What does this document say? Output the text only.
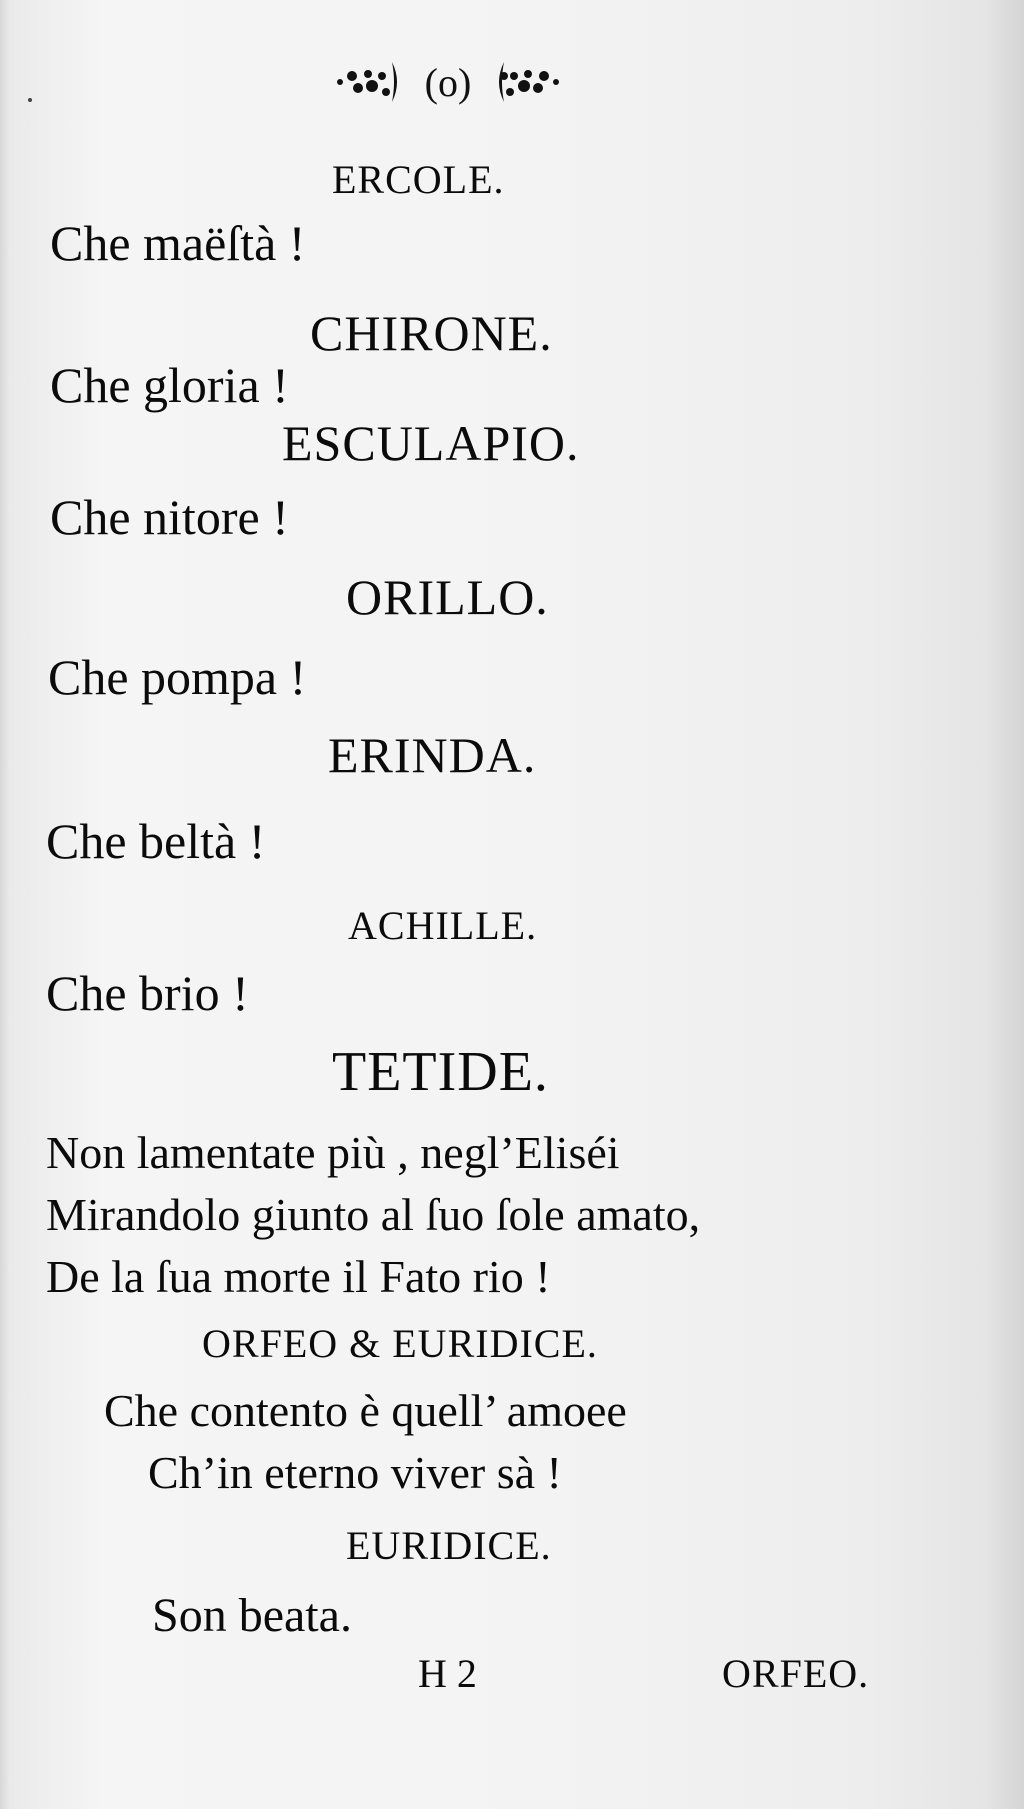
(o)
ERCOLE.
Che maëſtà !
CHIRONE.
Che gloria !
ESCULAPIO.
Che nitore !
ORILLO.
Che pompa !
ERINDA.
Che beltà !
ACHILLE.
Che brio !
TETIDE.
Non lamentate più , negl’Eliséi
Mirandolo giunto al ſuo ſole amato,
De la ſua morte il Fato rio !
ORFEO & EURIDICE.
Che contento è quell’ amoee
Ch’in eterno viver sà !
EURIDICE.
Son beata.
H 2	ORFEO.
